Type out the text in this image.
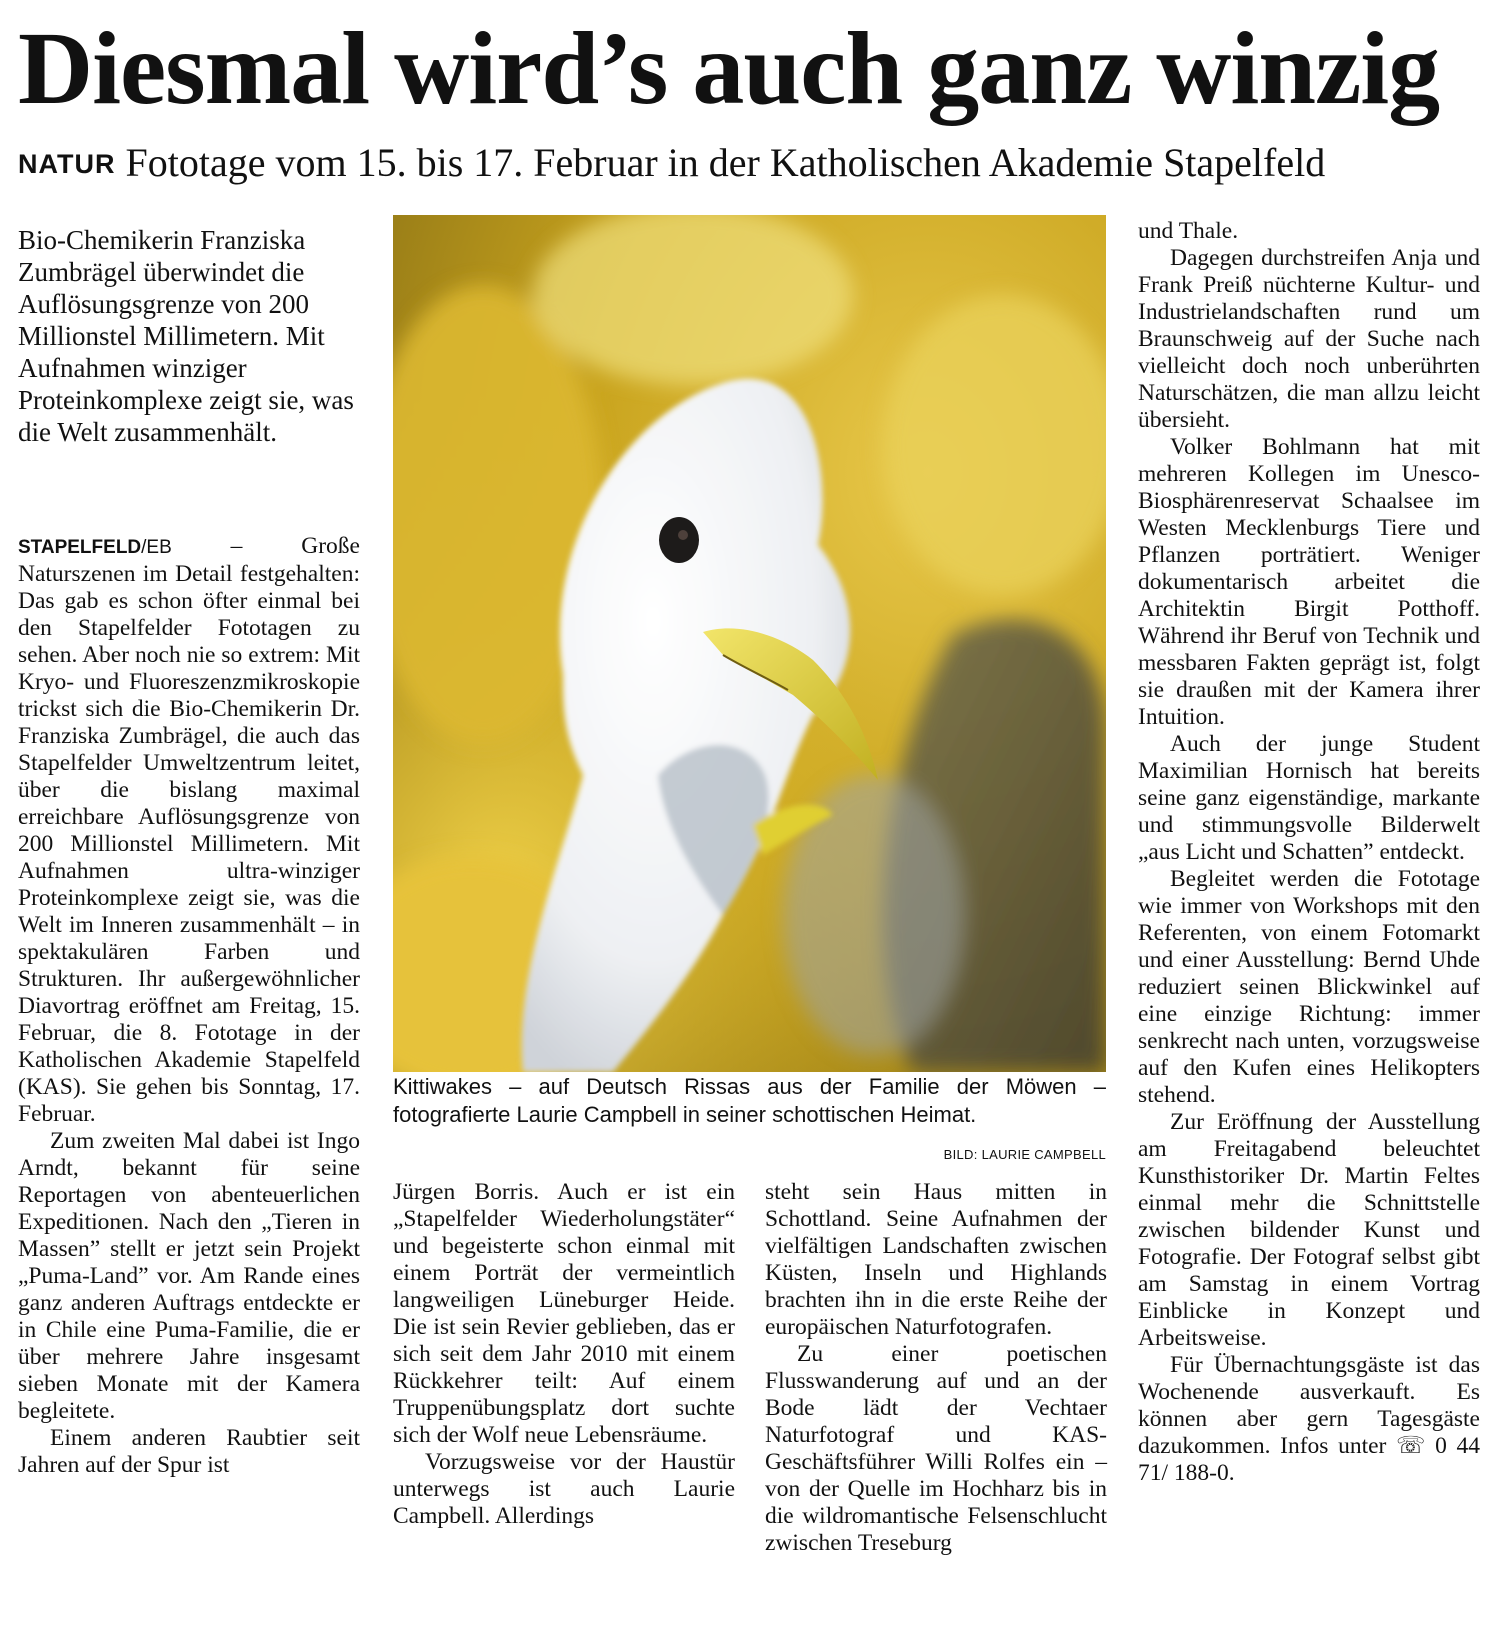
Diesmal wird’s auch ganz winzig
NATUR Fototage vom 15. bis 17. Februar in der Katholischen Akademie Stapelfeld
Bio-Chemikerin Franziska Zumbrägel überwindet die Auflösungsgrenze von 200 Millionstel Millimetern. Mit Aufnahmen winziger Proteinkomplexe zeigt sie, was die Welt zusammenhält.

STAPELFELD/EB – Große Naturszenen im Detail festgehalten: Das gab es schon öfter einmal bei den Stapelfelder Fototagen zu sehen. Aber noch nie so extrem: Mit Kryo- und Fluoreszenzmikroskopie trickst sich die Bio-Chemikerin Dr. Franziska Zumbrägel, die auch das Stapelfelder Umweltzentrum leitet, über die bislang maximal erreichbare Auflösungsgrenze von 200 Millionstel Millimetern. Mit Aufnahmen ultra-winziger Proteinkomplexe zeigt sie, was die Welt im Inneren zusammenhält – in spektakulären Farben und Strukturen. Ihr außergewöhnlicher Diavortrag eröffnet am Freitag, 15. Februar, die 8. Fototage in der Katholischen Akademie Stapelfeld (KAS). Sie gehen bis Sonntag, 17. Februar.

Zum zweiten Mal dabei ist Ingo Arndt, bekannt für seine Reportagen von abenteuerlichen Expeditionen. Nach den „Tieren in Massen” stellt er jetzt sein Projekt „Puma-Land” vor. Am Rande eines ganz anderen Auftrags entdeckte er in Chile eine Puma-Familie, die er über mehrere Jahre insgesamt sieben Monate mit der Kamera begleitete.

Einem anderen Raubtier seit Jahren auf der Spur ist

Kittiwakes – auf Deutsch Rissas aus der Familie der Möwen – fotografierte Laurie Campbell in seiner schottischen Heimat.
BILD: LAURIE CAMPBELL

Jürgen Borris. Auch er ist ein „Stapelfelder Wiederholungstäter“ und begeisterte schon einmal mit einem Porträt der vermeintlich langweiligen Lüneburger Heide. Die ist sein Revier geblieben, das er sich seit dem Jahr 2010 mit einem Rückkehrer teilt: Auf einem Truppenübungsplatz dort suchte sich der Wolf neue Lebensräume.

Vorzugsweise vor der Haustür unterwegs ist auch Laurie Campbell. Allerdings

steht sein Haus mitten in Schottland. Seine Aufnahmen der vielfältigen Landschaften zwischen Küsten, Inseln und Highlands brachten ihn in die erste Reihe der europäischen Naturfotografen.

Zu einer poetischen Flusswanderung auf und an der Bode lädt der Vechtaer Naturfotograf und KAS-Geschäftsführer Willi Rolfes ein – von der Quelle im Hochharz bis in die wildromantische Felsenschlucht zwischen Treseburg

und Thale.

Dagegen durchstreifen Anja und Frank Preiß nüchterne Kultur- und Industrielandschaften rund um Braunschweig auf der Suche nach vielleicht doch noch unberührten Naturschätzen, die man allzu leicht übersieht.

Volker Bohlmann hat mit mehreren Kollegen im Unesco-Biosphärenreservat Schaalsee im Westen Mecklenburgs Tiere und Pflanzen porträtiert. Weniger dokumentarisch arbeitet die Architektin Birgit Potthoff. Während ihr Beruf von Technik und messbaren Fakten geprägt ist, folgt sie draußen mit der Kamera ihrer Intuition.

Auch der junge Student Maximilian Hornisch hat bereits seine ganz eigenständige, markante und stimmungsvolle Bilderwelt „aus Licht und Schatten” entdeckt.

Begleitet werden die Fototage wie immer von Workshops mit den Referenten, von einem Fotomarkt und einer Ausstellung: Bernd Uhde reduziert seinen Blickwinkel auf eine einzige Richtung: immer senkrecht nach unten, vorzugsweise auf den Kufen eines Helikopters stehend.

Zur Eröffnung der Ausstellung am Freitagabend beleuchtet Kunsthistoriker Dr. Martin Feltes einmal mehr die Schnittstelle zwischen bildender Kunst und Fotografie. Der Fotograf selbst gibt am Samstag in einem Vortrag Einblicke in Konzept und Arbeitsweise.

Für Übernachtungsgäste ist das Wochenende ausverkauft. Es können aber gern Tagesgäste dazukommen. Infos unter ☏ 0 44 71/ 188-0.
